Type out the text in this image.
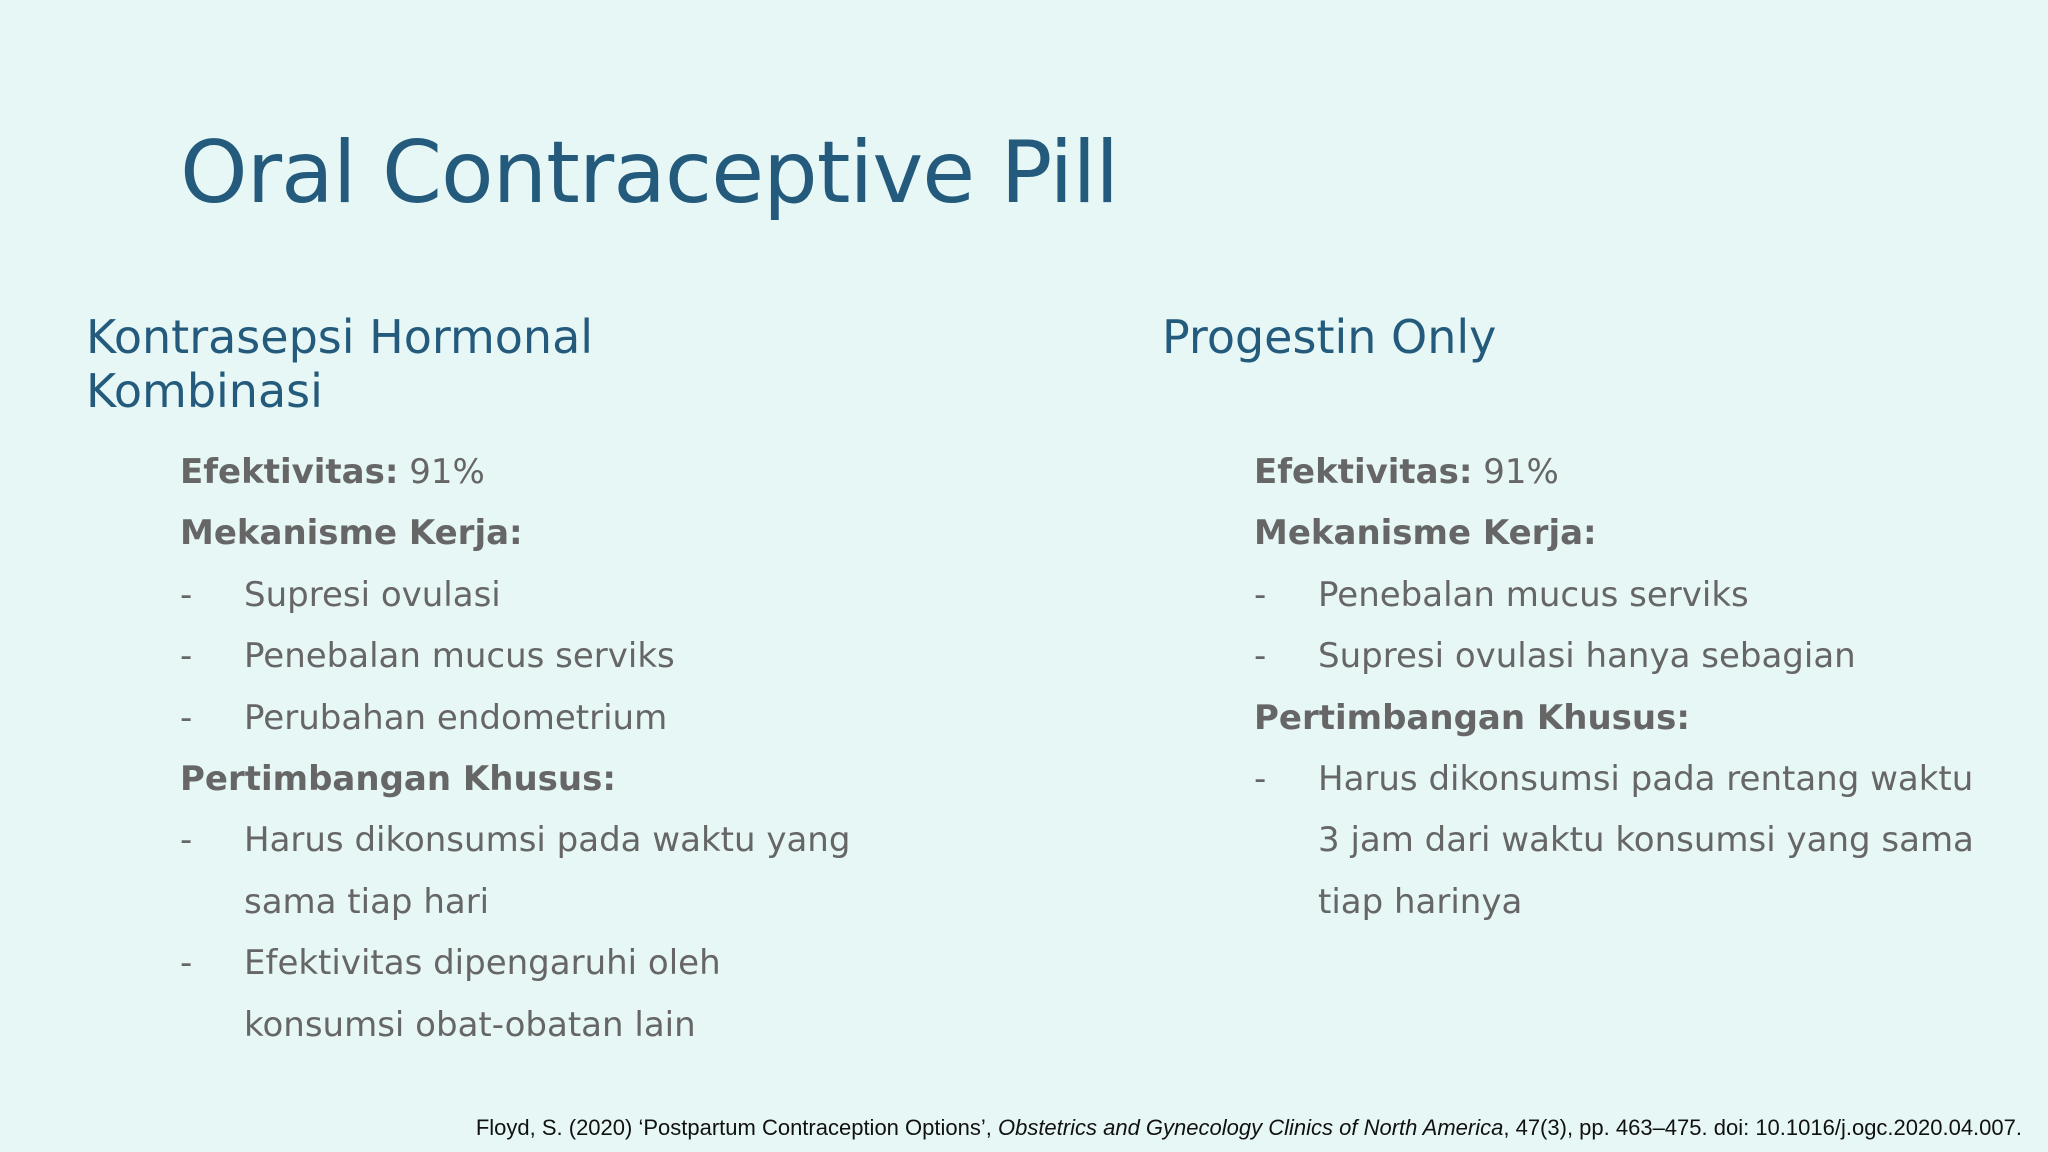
Oral Contraceptive Pill
Kontrasepsi Hormonal
Kombinasi
Efektivitas: 91%
Mekanisme Kerja:
-	Supresi ovulasi
-	Penebalan mucus serviks
-	Perubahan endometrium
Pertimbangan Khusus:
-	Harus dikonsumsi pada waktu yang sama tiap hari
-	Efektivitas dipengaruhi oleh konsumsi obat-obatan lain
Progestin Only
Efektivitas: 91%
Mekanisme Kerja:
-	Penebalan mucus serviks
-	Supresi ovulasi hanya sebagian
Pertimbangan Khusus:
-	Harus dikonsumsi pada rentang waktu 3 jam dari waktu konsumsi yang sama tiap harinya
Floyd, S. (2020) ‘Postpartum Contraception Options’, Obstetrics and Gynecology Clinics of North America, 47(3), pp. 463–475. doi: 10.1016/j.ogc.2020.04.007.
